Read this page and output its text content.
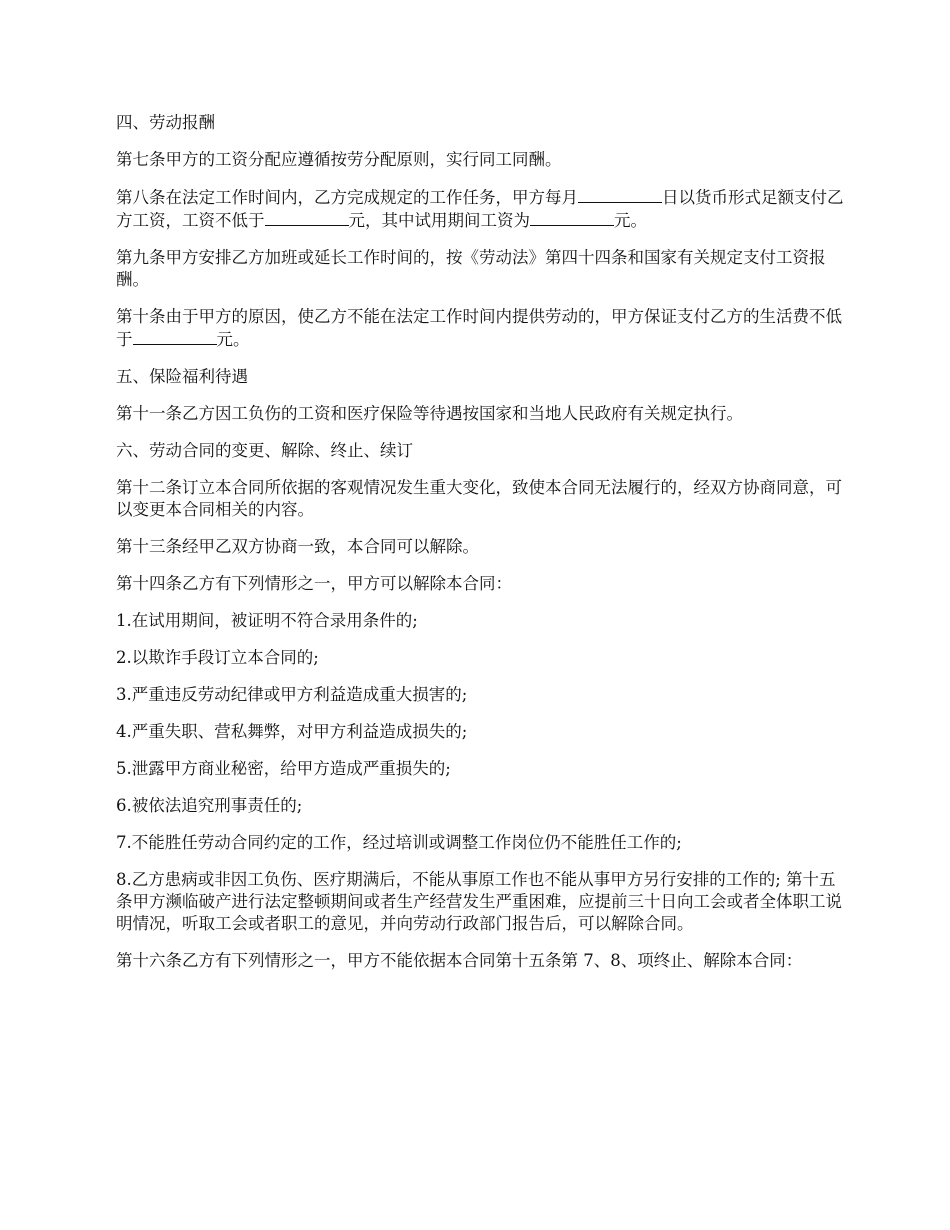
四、劳动报酬

第七条甲方的工资分配应遵循按劳分配原则，实行同工同酬。

第八条在法定工作时间内，乙方完成规定的工作任务，甲方每月	日以货币形式足额支付乙方工资，工资不低于	元，其中试用期间工资为	元。

第九条甲方安排乙方加班或延长工作时间的，按《劳动法》第四十四条和国家有关规定支付工资报酬。

第十条由于甲方的原因，使乙方不能在法定工作时间内提供劳动的，甲方保证支付乙方的生活费不低于	元。

五、保险福利待遇

第十一条乙方因工负伤的工资和医疗保险等待遇按国家和当地人民政府有关规定执行。

六、劳动合同的变更、解除、终止、续订

第十二条订立本合同所依据的客观情况发生重大变化，致使本合同无法履行的，经双方协商同意，可以变更本合同相关的内容。

第十三条经甲乙双方协商一致，本合同可以解除。

第十四条乙方有下列情形之一，甲方可以解除本合同：

1.在试用期间，被证明不符合录用条件的;

2.以欺诈手段订立本合同的;

3.严重违反劳动纪律或甲方利益造成重大损害的;

4.严重失职、营私舞弊，对甲方利益造成损失的;

5.泄露甲方商业秘密，给甲方造成严重损失的;

6.被依法追究刑事责任的;

7.不能胜任劳动合同约定的工作，经过培训或调整工作岗位仍不能胜任工作的;

8.乙方患病或非因工负伤、医疗期满后，不能从事原工作也不能从事甲方另行安排的工作的; 第十五条甲方濒临破产进行法定整顿期间或者生产经营发生严重困难，应提前三十日向工会或者全体职工说明情况，听取工会或者职工的意见，并向劳动行政部门报告后，可以解除合同。

第十六条乙方有下列情形之一，甲方不能依据本合同第十五条第 7、8、项终止、解除本合同：
